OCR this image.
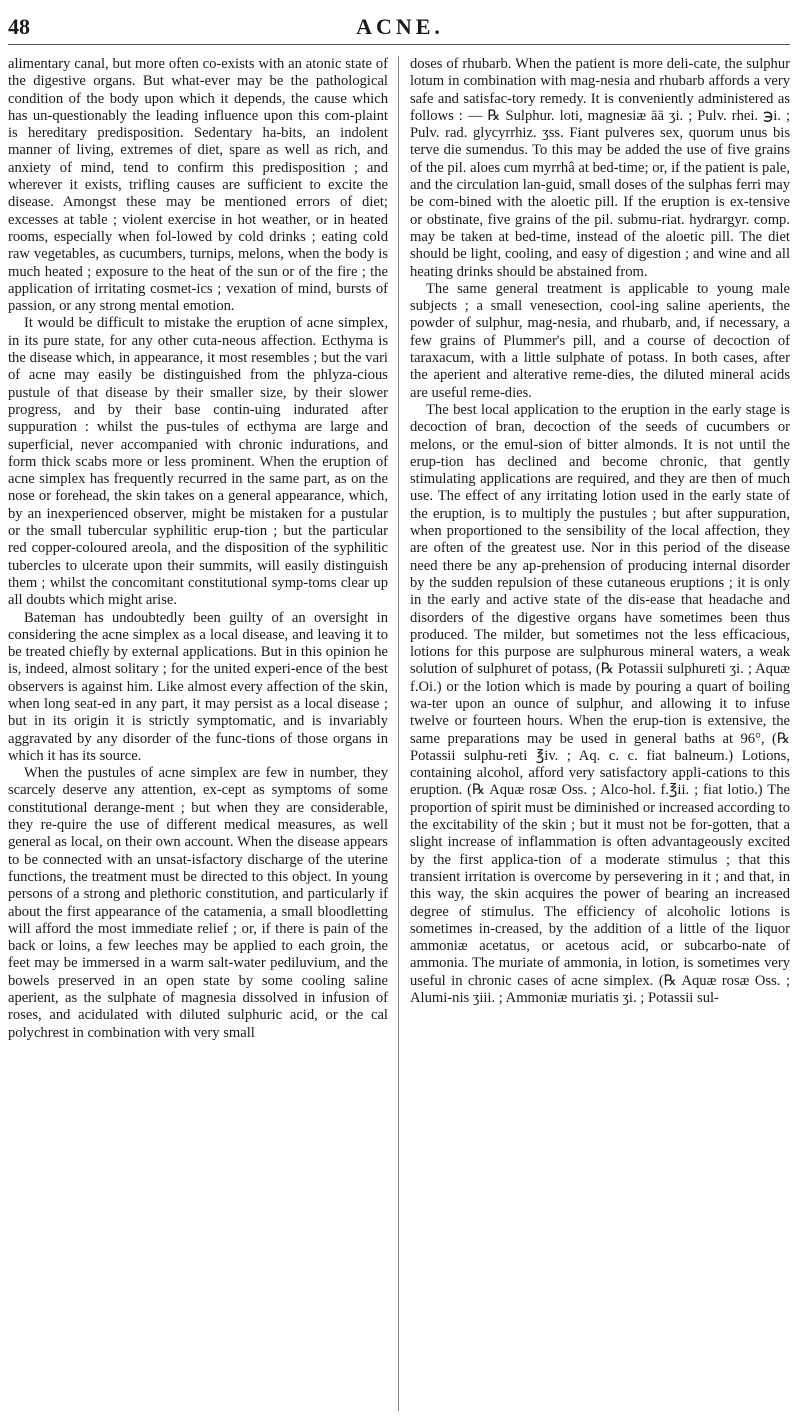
48	ACNE.

alimentary canal, but more often co-exists with an atonic state of the digestive organs. But what-ever may be the pathological condition of the body upon which it depends, the cause which has un-questionably the leading influence upon this com-plaint is hereditary predisposition. Sedentary ha-bits, an indolent manner of living, extremes of diet, spare as well as rich, and anxiety of mind, tend to confirm this predisposition ; and wherever it exists, trifling causes are sufficient to excite the disease. Amongst these may be mentioned errors of diet; excesses at table ; violent exercise in hot weather, or in heated rooms, especially when fol-lowed by cold drinks ; eating cold raw vegetables, as cucumbers, turnips, melons, when the body is much heated ; exposure to the heat of the sun or of the fire ; the application of irritating cosmet-ics ; vexation of mind, bursts of passion, or any strong mental emotion.

It would be difficult to mistake the eruption of acne simplex, in its pure state, for any other cuta-neous affection. Ecthyma is the disease which, in appearance, it most resembles ; but the vari of acne may easily be distinguished from the phlyza-cious pustule of that disease by their smaller size, by their slower progress, and by their base contin-uing indurated after suppuration : whilst the pus-tules of ecthyma are large and superficial, never accompanied with chronic indurations, and form thick scabs more or less prominent. When the eruption of acne simplex has frequently recurred in the same part, as on the nose or forehead, the skin takes on a general appearance, which, by an inexperienced observer, might be mistaken for a pustular or the small tubercular syphilitic erup-tion ; but the particular red copper-coloured areola, and the disposition of the syphilitic tubercles to ulcerate upon their summits, will easily distinguish them ; whilst the concomitant constitutional symp-toms clear up all doubts which might arise.

Bateman has undoubtedly been guilty of an oversight in considering the acne simplex as a local disease, and leaving it to be treated chiefly by external applications. But in this opinion he is, indeed, almost solitary ; for the united experi-ence of the best observers is against him. Like almost every affection of the skin, when long seat-ed in any part, it may persist as a local disease ; but in its origin it is strictly symptomatic, and is invariably aggravated by any disorder of the func-tions of those organs in which it has its source.

When the pustules of acne simplex are few in number, they scarcely deserve any attention, ex-cept as symptoms of some constitutional derange-ment ; but when they are considerable, they re-quire the use of different medical measures, as well general as local, on their own account. When the disease appears to be connected with an unsat-isfactory discharge of the uterine functions, the treatment must be directed to this object. In young persons of a strong and plethoric constitution, and particularly if about the first appearance of the catamenia, a small bloodletting will afford the most immediate relief ; or, if there is pain of the back or loins, a few leeches may be applied to each groin, the feet may be immersed in a warm salt-water pediluvium, and the bowels preserved in an open state by some cooling saline aperient, as the sulphate of magnesia dissolved in infusion of roses, and acidulated with diluted sulphuric acid, or the cal polychrest in combination with very small

doses of rhubarb. When the patient is more deli-cate, the sulphur lotum in combination with mag-nesia and rhubarb affords a very safe and satisfac-tory remedy. It is conveniently administered as follows : — ℞ Sulphur. loti, magnesiæ āā ʒi. ; Pulv. rhei. ℈i. ; Pulv. rad. glycyrrhiz. ʒss. Fiant pulveres sex, quorum unus bis terve die sumendus. To this may be added the use of five grains of the pil. aloes cum myrrhâ at bed-time; or, if the patient is pale, and the circulation lan-guid, small doses of the sulphas ferri may be com-bined with the aloetic pill. If the eruption is ex-tensive or obstinate, five grains of the pil. submu-riat. hydrargyr. comp. may be taken at bed-time, instead of the aloetic pill. The diet should be light, cooling, and easy of digestion ; and wine and all heating drinks should be abstained from.

The same general treatment is applicable to young male subjects ; a small venesection, cool-ing saline aperients, the powder of sulphur, mag-nesia, and rhubarb, and, if necessary, a few grains of Plummer's pill, and a course of decoction of taraxacum, with a little sulphate of potass. In both cases, after the aperient and alterative reme-dies, the diluted mineral acids are useful reme-dies.

The best local application to the eruption in the early stage is decoction of bran, decoction of the seeds of cucumbers or melons, or the emul-sion of bitter almonds. It is not until the erup-tion has declined and become chronic, that gently stimulating applications are required, and they are then of much use. The effect of any irritating lotion used in the early state of the eruption, is to multiply the pustules ; but after suppuration, when proportioned to the sensibility of the local affection, they are often of the greatest use. Nor in this period of the disease need there be any ap-prehension of producing internal disorder by the sudden repulsion of these cutaneous eruptions ; it is only in the early and active state of the dis-ease that headache and disorders of the digestive organs have sometimes been thus produced. The milder, but sometimes not the less efficacious, lotions for this purpose are sulphurous mineral waters, a weak solution of sulphuret of potass, (℞ Potassii sulphureti ʒi. ; Aquæ f.Oi.) or the lotion which is made by pouring a quart of boiling wa-ter upon an ounce of sulphur, and allowing it to infuse twelve or fourteen hours. When the erup-tion is extensive, the same preparations may be used in general baths at 96°, (℞ Potassii sulphu-reti ℥iv. ; Aq. c. c. fiat balneum.) Lotions, containing alcohol, afford very satisfactory appli-cations to this eruption. (℞ Aquæ rosæ Oss. ; Alco-hol. f.℥ii. ; fiat lotio.) The proportion of spirit must be diminished or increased according to the excitability of the skin ; but it must not be for-gotten, that a slight increase of inflammation is often advantageously excited by the first applica-tion of a moderate stimulus ; that this transient irritation is overcome by persevering in it ; and that, in this way, the skin acquires the power of bearing an increased degree of stimulus. The efficiency of alcoholic lotions is sometimes in-creased, by the addition of a little of the liquor ammoniæ acetatus, or acetous acid, or subcarbo-nate of ammonia. The muriate of ammonia, in lotion, is sometimes very useful in chronic cases of acne simplex. (℞ Aquæ rosæ Oss. ; Alumi-nis ʒiii. ; Ammoniæ muriatis ʒi. ; Potassii sul-
